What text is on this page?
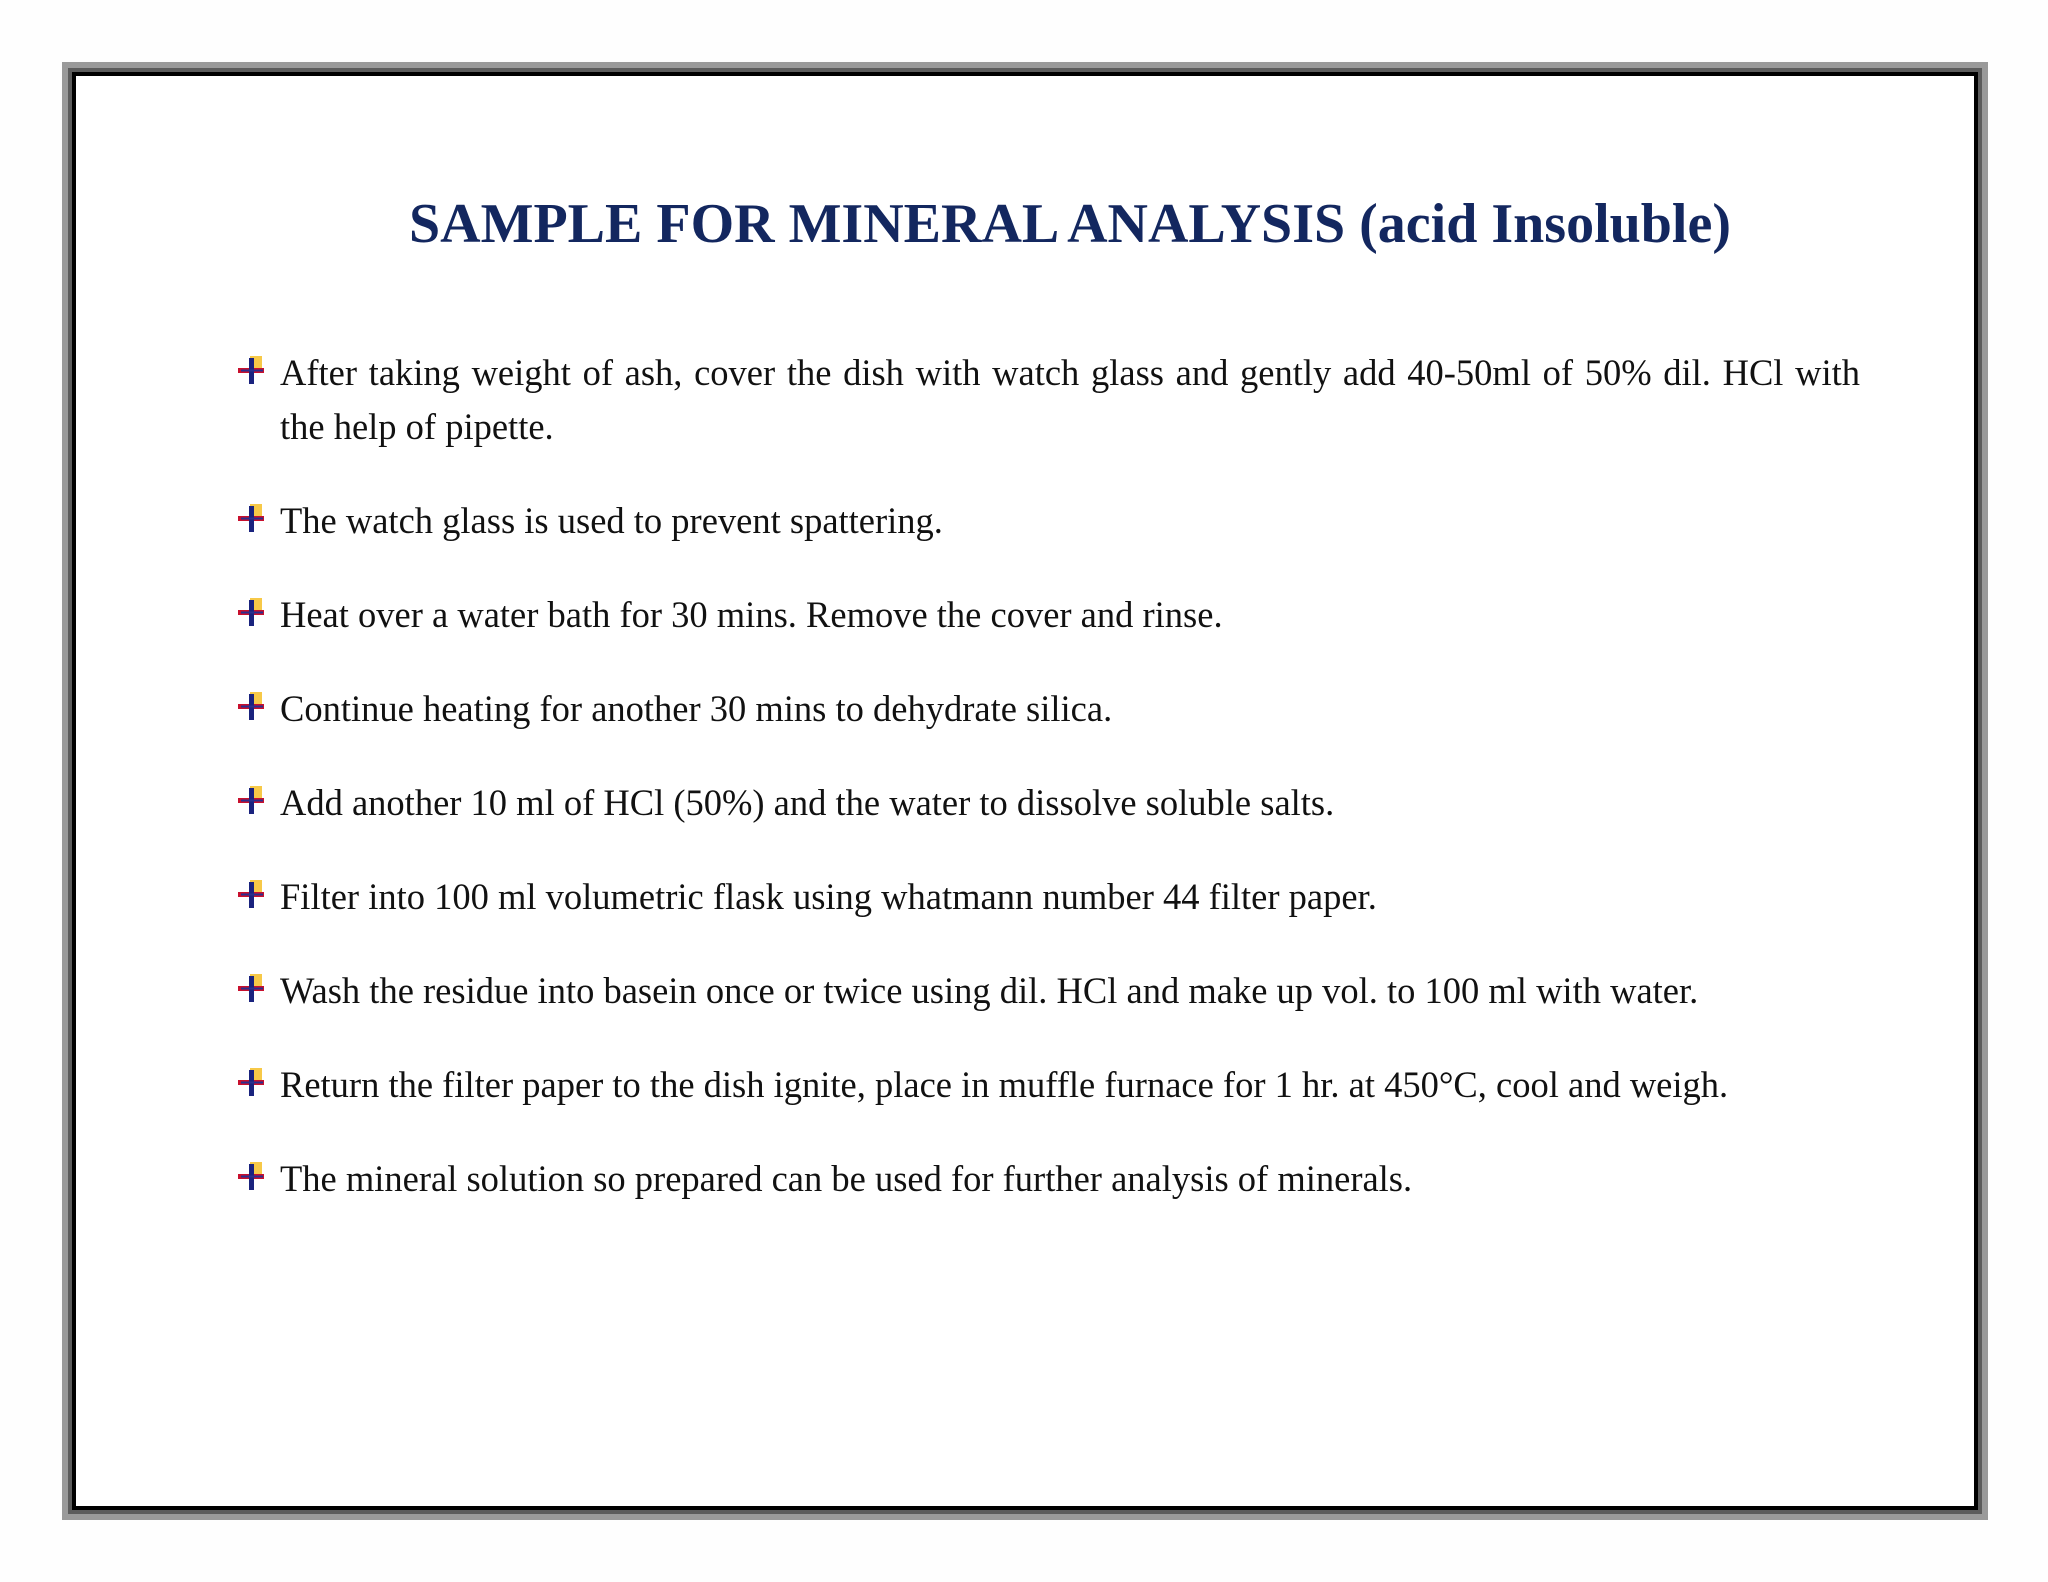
SAMPLE FOR MINERAL ANALYSIS (acid Insoluble)
After taking weight of ash, cover the dish with watch glass and gently add 40-50ml of 50% dil. HCl with the help of pipette.
The watch glass is used to prevent spattering.
Heat over a water bath for 30 mins. Remove the cover and rinse.
Continue heating for another 30 mins to dehydrate silica.
Add another 10 ml of HCl (50%) and the water to dissolve soluble salts.
Filter into 100 ml volumetric flask using whatmann number 44 filter paper.
Wash the residue into basein once or twice using dil. HCl and make up vol. to 100 ml with water.
Return the filter paper to the dish ignite, place in muffle furnace for 1 hr. at 450°C, cool and weigh.
The mineral solution so prepared can be used for further analysis of minerals.
